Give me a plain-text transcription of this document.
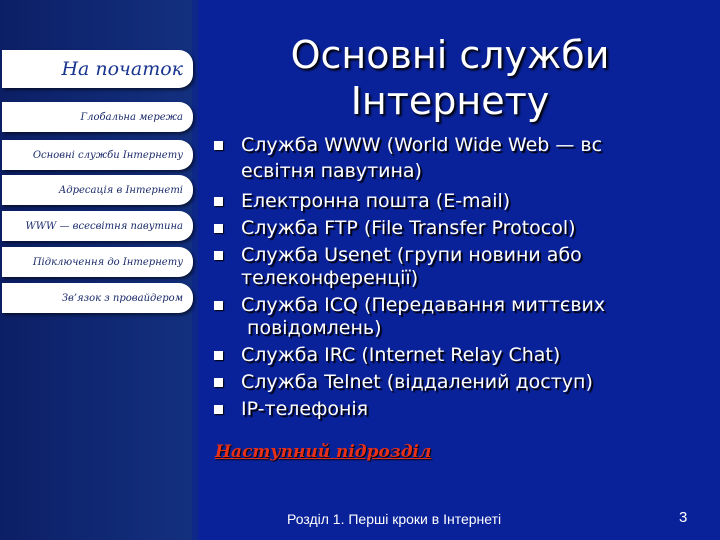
На початок
Глобальна мережа
Основні служби Інтернету
Адресація в Інтернеті
WWW — всесвітня павутина
Підключення до Інтернету
Зв’язок з провайдером
Основні служби
Інтернету
Служба WWW (World Wide Web — вс
есвітня павутина)
Електронна пошта (E-mail)
Служба FTP (File Transfer Protocol)
Служба Usenet (групи новини або
телеконференції)
Служба ICQ (Передавання миттєвих
повідомлень)
Служба IRC (Internet Relay Chat)
Служба Telnet (віддалений доступ)
IP-телефонія
Наступний підрозділ
Розділ 1. Перші кроки в Інтернеті	3
